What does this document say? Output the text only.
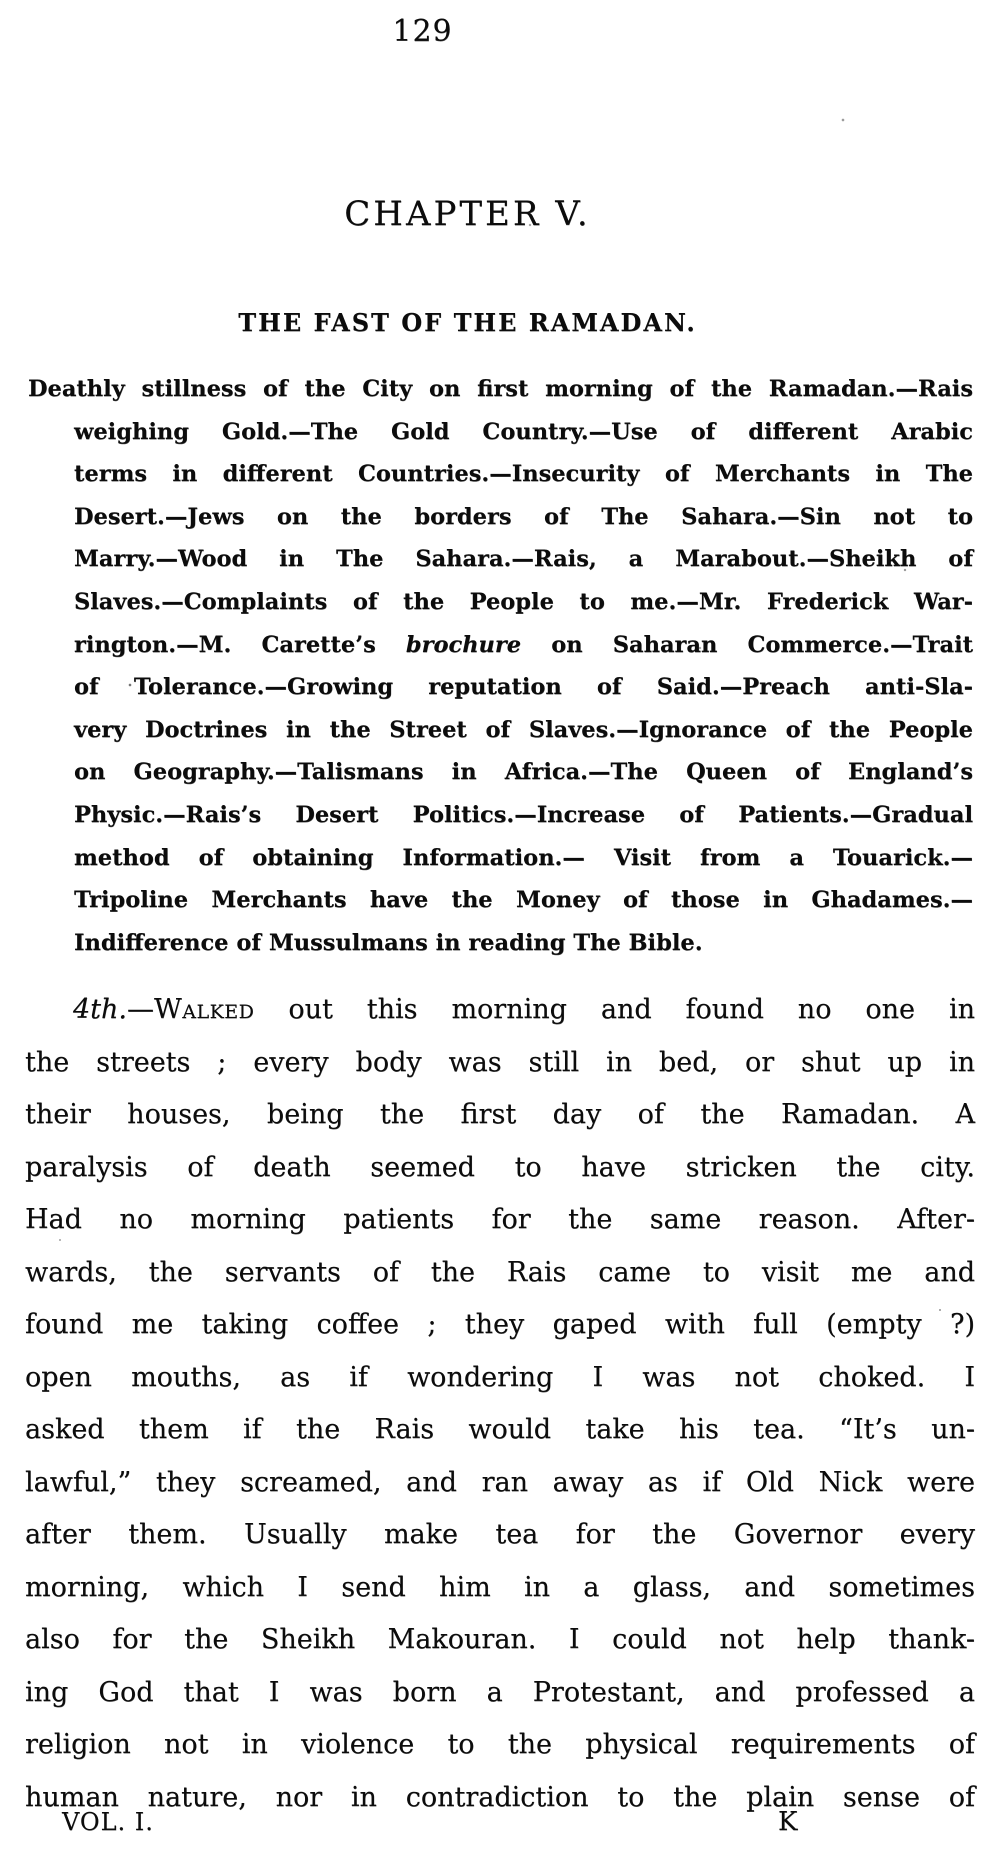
129
CHAPTER V.
THE FAST OF THE RAMADAN.
Deathly stillness of the City on first morning of the Ramadan.—Rais
weighing Gold.—The Gold Country.—Use of different Arabic
terms in different Countries.—Insecurity of Merchants in The
Desert.—Jews on the borders of The Sahara.—Sin not to
Marry.—Wood in The Sahara.—Rais, a Marabout.—Sheikh of
Slaves.—Complaints of the People to me.—Mr. Frederick War-
rington.—M. Carette’s brochure on Saharan Commerce.—Trait
of Tolerance.—Growing reputation of Said.—Preach anti-Sla-
very Doctrines in the Street of Slaves.—Ignorance of the People
on Geography.—Talismans in Africa.—The Queen of England’s
Physic.—Rais’s Desert Politics.—Increase of Patients.—Gradual
method of obtaining Information.— Visit from a Touarick.—
Tripoline Merchants have the Money of those in Ghadames.—
Indifference of Mussulmans in reading The Bible.
4th.—Walked out this morning and found no one in
the streets ; every body was still in bed, or shut up in
their houses, being the first day of the Ramadan. A
paralysis of death seemed to have stricken the city.
Had no morning patients for the same reason. After-
wards, the servants of the Rais came to visit me and
found me taking coffee ; they gaped with full (empty ?)
open mouths, as if wondering I was not choked. I
asked them if the Rais would take his tea. “It’s un-
lawful,” they screamed, and ran away as if Old Nick were
after them. Usually make tea for the Governor every
morning, which I send him in a glass, and sometimes
also for the Sheikh Makouran. I could not help thank-
ing God that I was born a Protestant, and professed a
religion not in violence to the physical requirements of
human nature, nor in contradiction to the plain sense of
VOL. I.	K
